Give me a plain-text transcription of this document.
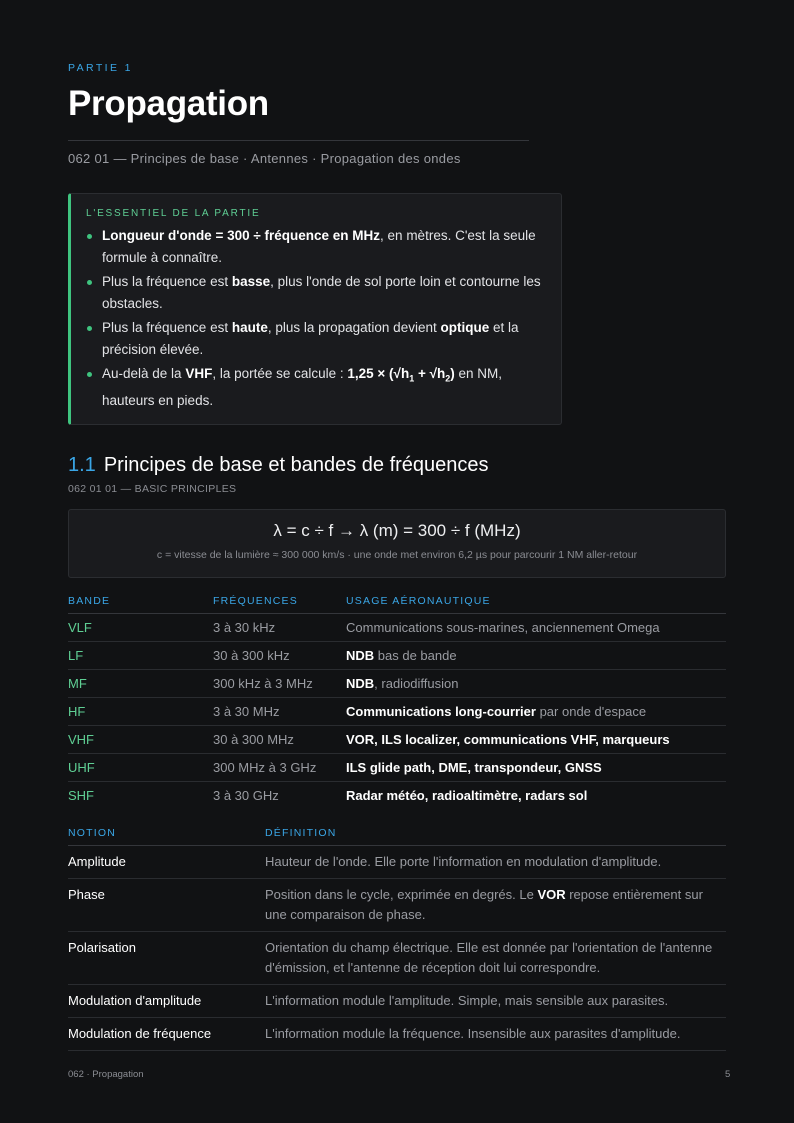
PARTIE 1
Propagation
062 01 — Principes de base · Antennes · Propagation des ondes
L'ESSENTIEL DE LA PARTIE
Longueur d'onde = 300 ÷ fréquence en MHz, en mètres. C'est la seule formule à connaître.
Plus la fréquence est basse, plus l'onde de sol porte loin et contourne les obstacles.
Plus la fréquence est haute, plus la propagation devient optique et la précision élevée.
Au-delà de la VHF, la portée se calcule : $1,25 \times (√h_1 + √h_2)$ en NM, hauteurs en pieds.
1.1 Principes de base et bandes de fréquences
062 01 01 — BASIC PRINCIPLES
λ = c ÷ f → λ (m) = 300 ÷ f (MHz)
c = vitesse de la lumière ≈ 300 000 km/s · une onde met environ 6,2 µs pour parcourir 1 NM aller-retour
BANDE	FRÉQUENCES	USAGE AÉRONAUTIQUE
VLF	3 à 30 kHz	Communications sous-marines, anciennement Omega
LF	30 à 300 kHz	NDB bas de bande
MF	300 kHz à 3 MHz	NDB, radiodiffusion
HF	3 à 30 MHz	Communications long-courrier par onde d'espace
VHF	30 à 300 MHz	VOR, ILS localizer, communications VHF, marqueurs
UHF	300 MHz à 3 GHz	ILS glide path, DME, transpondeur, GNSS
SHF	3 à 30 GHz	Radar météo, radioaltimètre, radars sol
NOTION	DÉFINITION
Amplitude	Hauteur de l'onde. Elle porte l'information en modulation d'amplitude.
Phase	Position dans le cycle, exprimée en degrés. Le VOR repose entièrement sur une comparaison de phase.
Polarisation	Orientation du champ électrique. Elle est donnée par l'orientation de l'antenne d'émission, et l'antenne de réception doit lui correspondre.
Modulation d'amplitude	L'information module l'amplitude. Simple, mais sensible aux parasites.
Modulation de fréquence	L'information module la fréquence. Insensible aux parasites d'amplitude.
062 · Propagation	5
